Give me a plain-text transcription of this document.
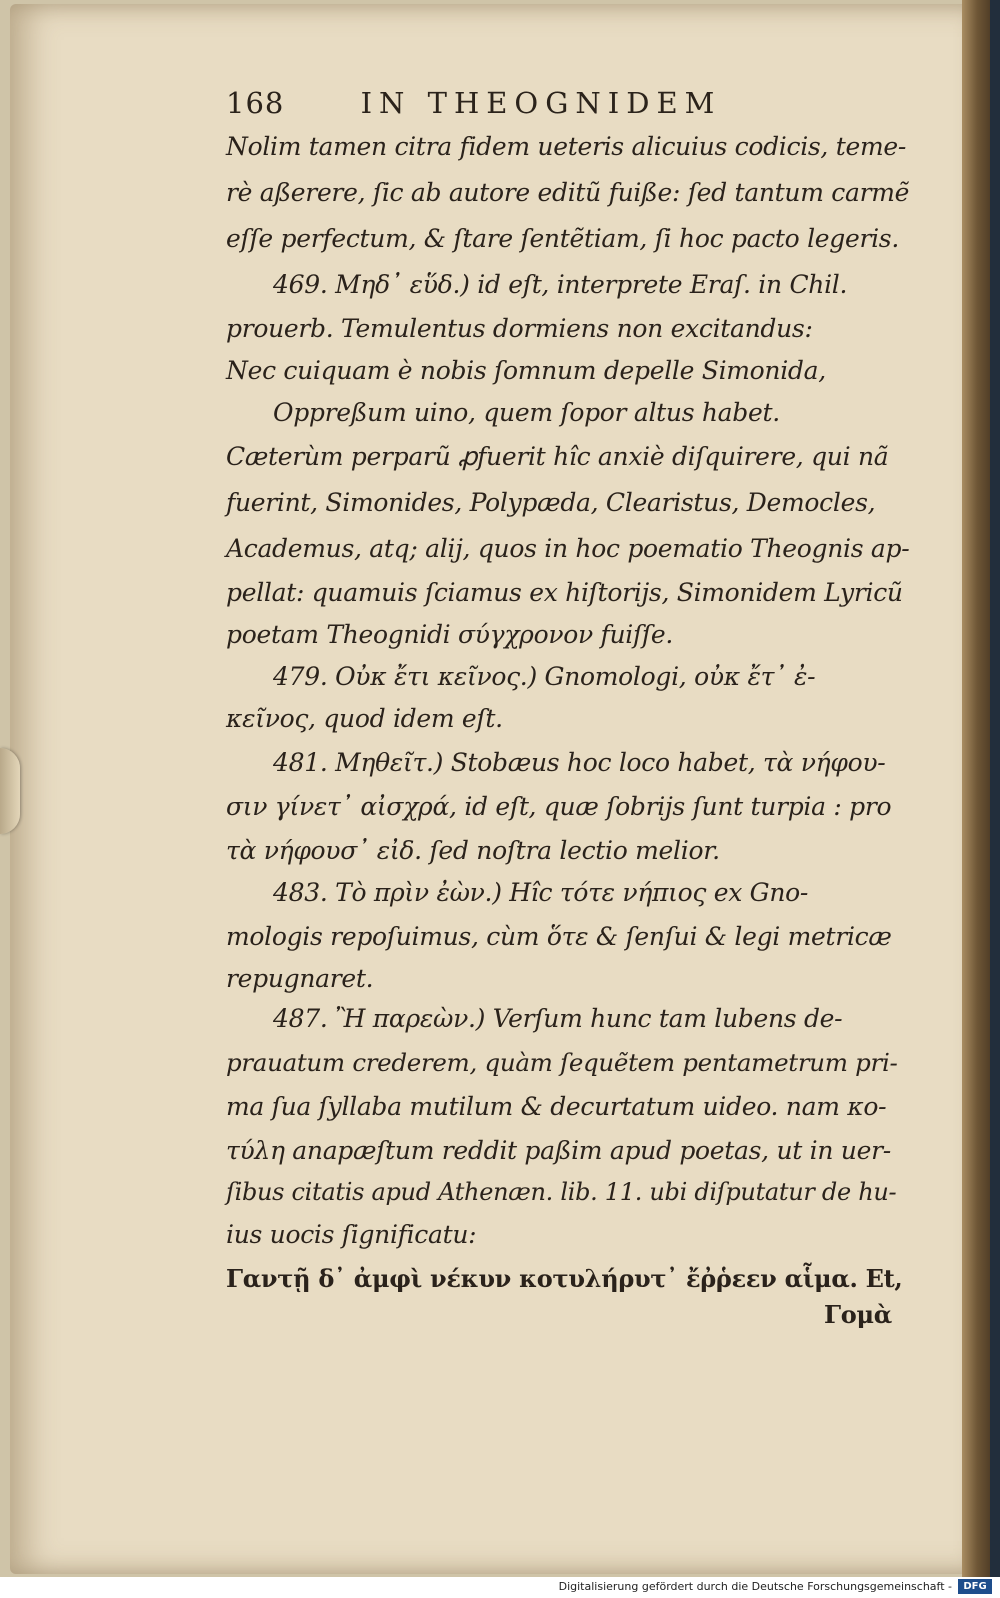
168	IN THEOGNIDEM
Nolim tamen citra fidem ueteris alicuius codicis, teme-
rè aßerere, ſic ab autore editũ fuiße: ſed tantum carmẽ
eſſe perfectum, & ſtare ſentẽtiam, ſi hoc pacto legeris.
469. Μηδ᾿ εὕδ.) id eſt, interprete Eraſ. in Chil.
prouerb. Temulentus dormiens non excitandus:
Nec cuiquam è nobis ſomnum depelle Simonida,
Oppreßum uino, quem ſopor altus habet.
Cæterùm perparũ ꝓfuerit hîc anxiè diſquirere, qui nã
fuerint, Simonides, Polypæda, Clearistus, Democles,
Academus, atq; alij, quos in hoc poematio Theognis ap-
pellat: quamuis ſciamus ex hiſtorijs, Simonidem Lyricũ
poetam Theognidi σύγχρονον fuiſſe.
479. Οὐκ ἔτι κεῖνος.) Gnomologi, οὐκ ἔτ᾿ ἐ-
κεῖνος, quod idem eſt.
481. Μηθεῖτ.) Stobæus hoc loco habet, τὰ νήφου-
σιν γίνετ᾿ αἰσχρά, id eſt, quæ ſobrijs ſunt turpia : pro
τὰ νήφουσ᾿ εἰδ. ſed noſtra lectio melior.
483. Τὸ πρὶν ἐὼν.) Hîc τότε νήπιος ex Gno-
mologis repoſuimus, cùm ὅτε & ſenſui & legi metricæ
repugnaret.
487. Ἢ παρεὼν.) Verſum hunc tam lubens de-
prauatum crederem, quàm ſequẽtem pentametrum pri-
ma ſua ſyllaba mutilum & decurtatum uideo. nam κο-
τύλη anapæſtum reddit paßim apud poetas, ut in uer-
ſibus citatis apud Athenæn. lib. 11. ubi diſputatur de hu-
ius uocis ſignificatu:
Γαντῇ δ᾿ ἀμφὶ νέκυν κοτυλήρυτ᾿ ἔῤῥεεν αἷμα. Et,
Γομὰ
Digitalisierung gefördert durch die Deutsche Forschungsgemeinschaft -	DFG
